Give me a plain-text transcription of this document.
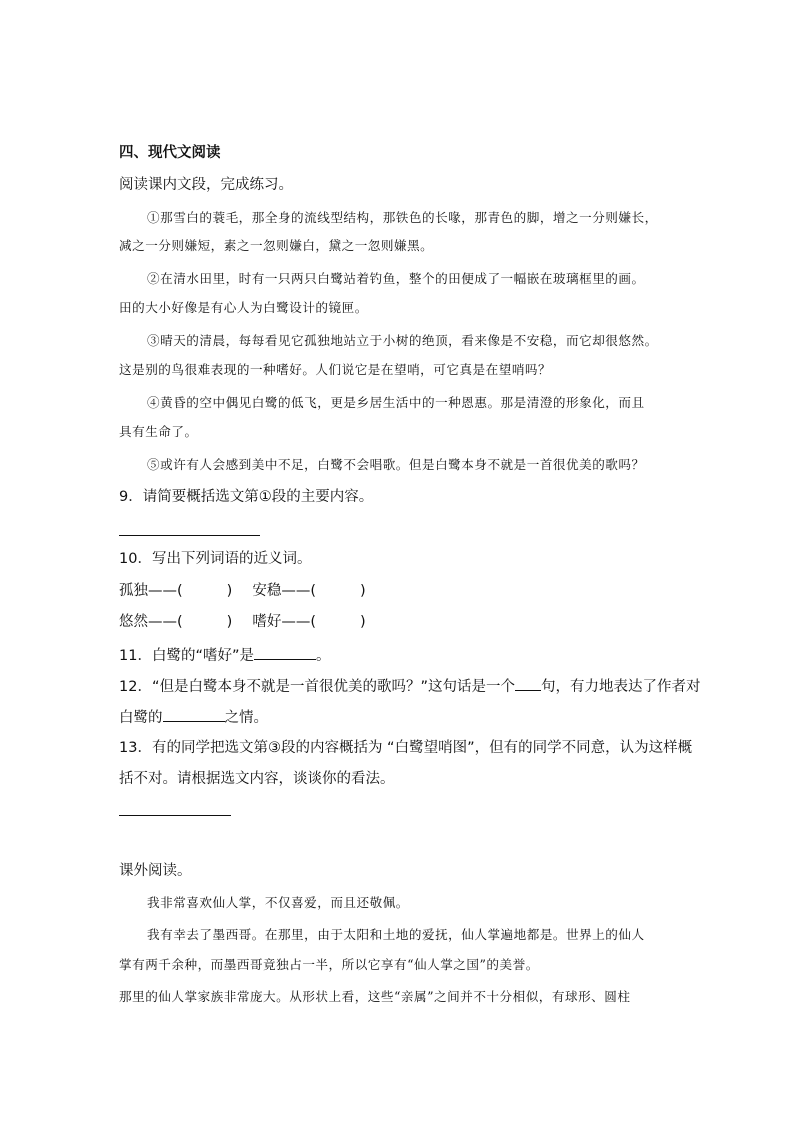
四、现代文阅读
阅读课内文段，完成练习。
①那雪白的蓑毛，那全身的流线型结构，那铁色的长喙，那青色的脚，增之一分则嫌长，
减之一分则嫌短，素之一忽则嫌白，黛之一忽则嫌黑。
②在清水田里，时有一只两只白鹭站着钓鱼，整个的田便成了一幅嵌在玻璃框里的画。
田的大小好像是有心人为白鹭设计的镜匣。
③晴天的清晨，每每看见它孤独地站立于小树的绝顶，看来像是不安稳，而它却很悠然。
这是别的鸟很难表现的一种嗜好。人们说它是在望哨，可它真是在望哨吗？
④黄昏的空中偶见白鹭的低飞，更是乡居生活中的一种恩惠。那是清澄的形象化，而且
具有生命了。
⑤或许有人会感到美中不足，白鹭不会唱歌。但是白鹭本身不就是一首很优美的歌吗？
9．请简要概括选文第①段的主要内容。
10．写出下列词语的近义词。
孤独——(	) 安稳——(	)
悠然——(	) 嗜好——(	)
11．白鹭的“嗜好”是	。
12．“但是白鹭本身不就是一首很优美的歌吗？”这句话是一个 句，有力地表达了作者对
白鹭的	之情。
13．有的同学把选文第③段的内容概括为 “白鹭望哨图”，但有的同学不同意，认为这样概
括不对。请根据选文内容，谈谈你的看法。
课外阅读。
我非常喜欢仙人掌，不仅喜爱，而且还敬佩。
我有幸去了墨西哥。在那里，由于太阳和土地的爱抚，仙人掌遍地都是。世界上的仙人
掌有两千余种，而墨西哥竟独占一半，所以它享有“仙人掌之国”的美誉。
那里的仙人掌家族非常庞大。从形状上看，这些“亲属”之间并不十分相似，有球形、圆柱
